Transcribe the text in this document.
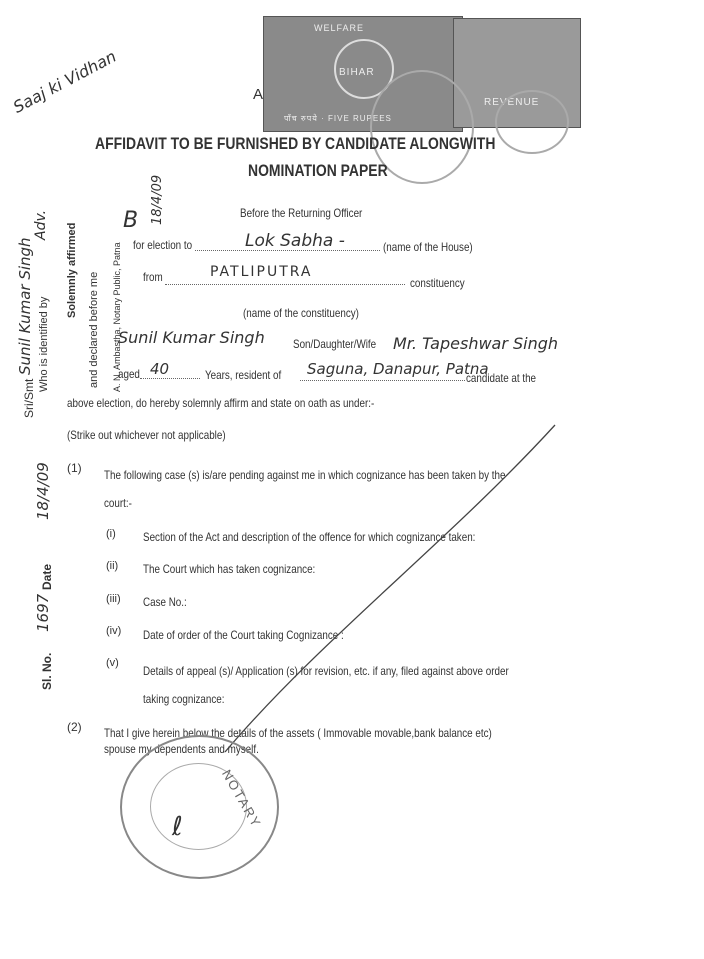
WELFARE
BIHAR
पाँच रुपये · FIVE RUPEES
REVENUE
A
AFFIDAVIT TO BE FURNISHED BY CANDIDATE ALONGWITH
NOMINATION PAPER
Saaj ki Vidhan
Before the Returning Officer
for election to	Lok Sabha -	(name of the House)
from	PATLIPUTRA
constituency
(name of the constituency)
Sunil Kumar Singh Son/Daughter/Wife Mr. Tapeshwar Singh
aged 40	Years, resident of Saguna, Danapur, Patna
candidate at the
above election, do hereby solemnly affirm and state on oath as under:-
(Strike out whichever not applicable)
(1) The following case (s) is/are pending against me in which cognizance has been taken by the
court:-
(i) Section of the Act and description of the offence for which cognizance taken:
(ii) The Court which has taken cognizance:
(iii) Case No.:
(iv) Date of order of the Court taking Cognizance :
(v)
Details of appeal (s)/ Application (s) for revision, etc. if any, filed against above order
taking cognizance:
(2) That I give herein below the details of the assets ( Immovable movable,bank balance etc)
spouse my dependents and myself.
NOTARY
ℓ
Sri/Smt
Sunil Kumar Singh Who is identified by
Adv. Solemnly affirmed
and declared before me A. N. Ambastha, Notary Public, Patna
Sl. No.
1697
Date
18/4/09
B 18/4/09
